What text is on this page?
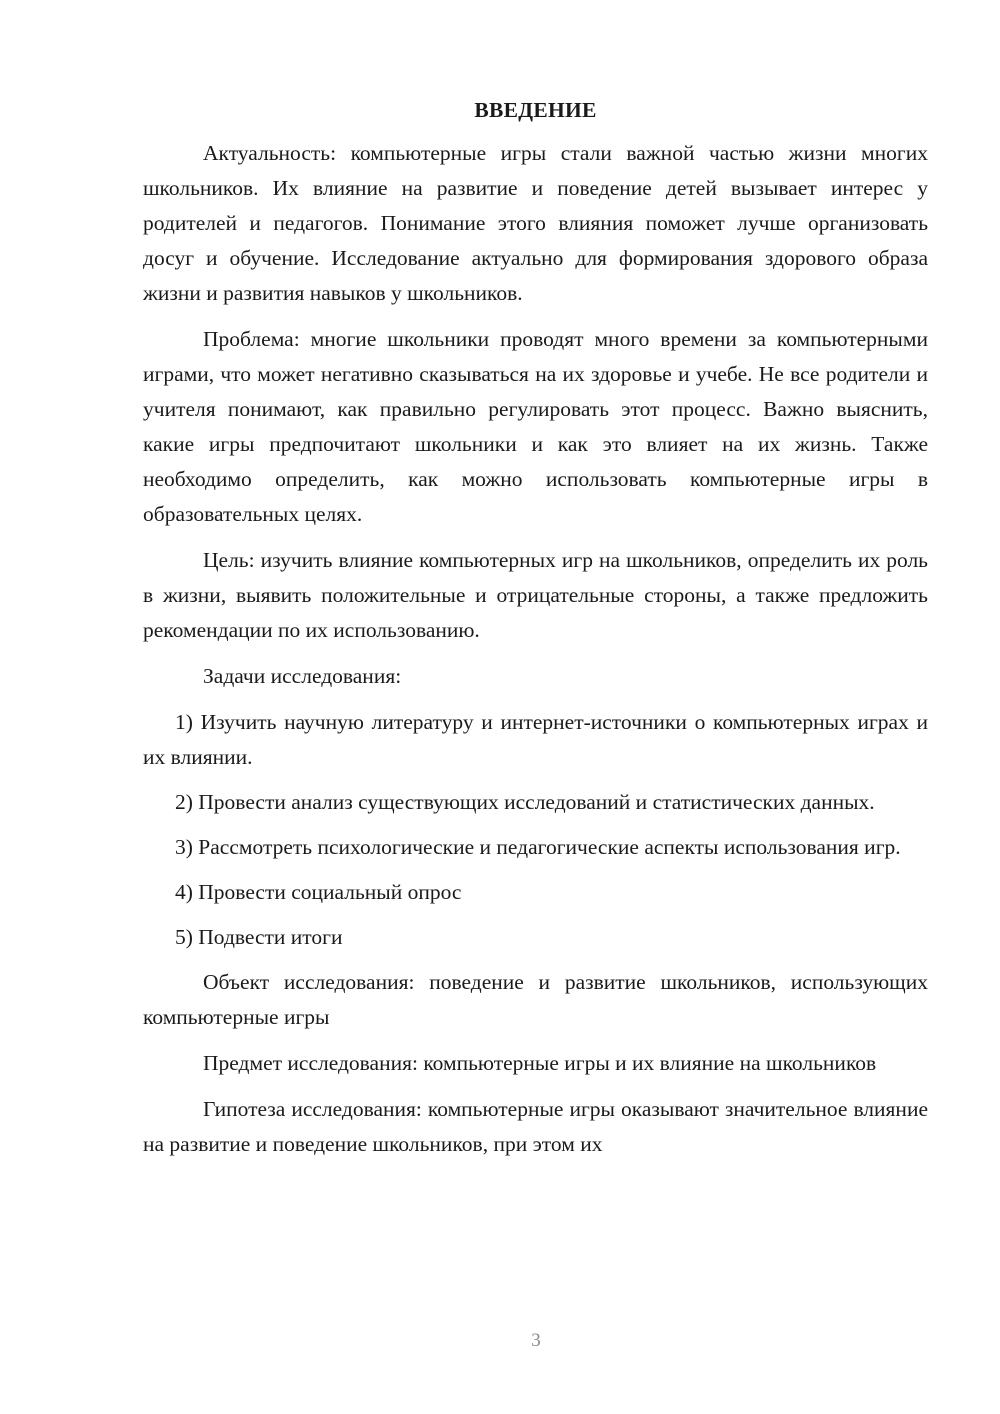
ВВЕДЕНИЕ

Актуальность: компьютерные игры стали важной частью жизни многих школьников. Их влияние на развитие и поведение детей вызывает интерес у родителей и педагогов. Понимание этого влияния поможет лучше организовать досуг и обучение. Исследование актуально для формирования здорового образа жизни и развития навыков у школьников.

Проблема: многие школьники проводят много времени за компьютерными играми, что может негативно сказываться на их здоровье и учебе. Не все родители и учителя понимают, как правильно регулировать этот процесс. Важно выяснить, какие игры предпочитают школьники и как это влияет на их жизнь. Также необходимо определить, как можно использовать компьютерные игры в образовательных целях.

Цель: изучить влияние компьютерных игр на школьников, определить их роль в жизни, выявить положительные и отрицательные стороны, а также предложить рекомендации по их использованию.

Задачи исследования:

1) Изучить научную литературу и интернет-источники о компьютерных играх и их влиянии.

2) Провести анализ существующих исследований и статистических данных.

3) Рассмотреть психологические и педагогические аспекты использования игр.

4) Провести социальный опрос

5) Подвести итоги

Объект исследования: поведение и развитие школьников, использующих компьютерные игры

Предмет исследования: компьютерные игры и их влияние на школьников

Гипотеза исследования: компьютерные игры оказывают значительное влияние на развитие и поведение школьников, при этом их

3
